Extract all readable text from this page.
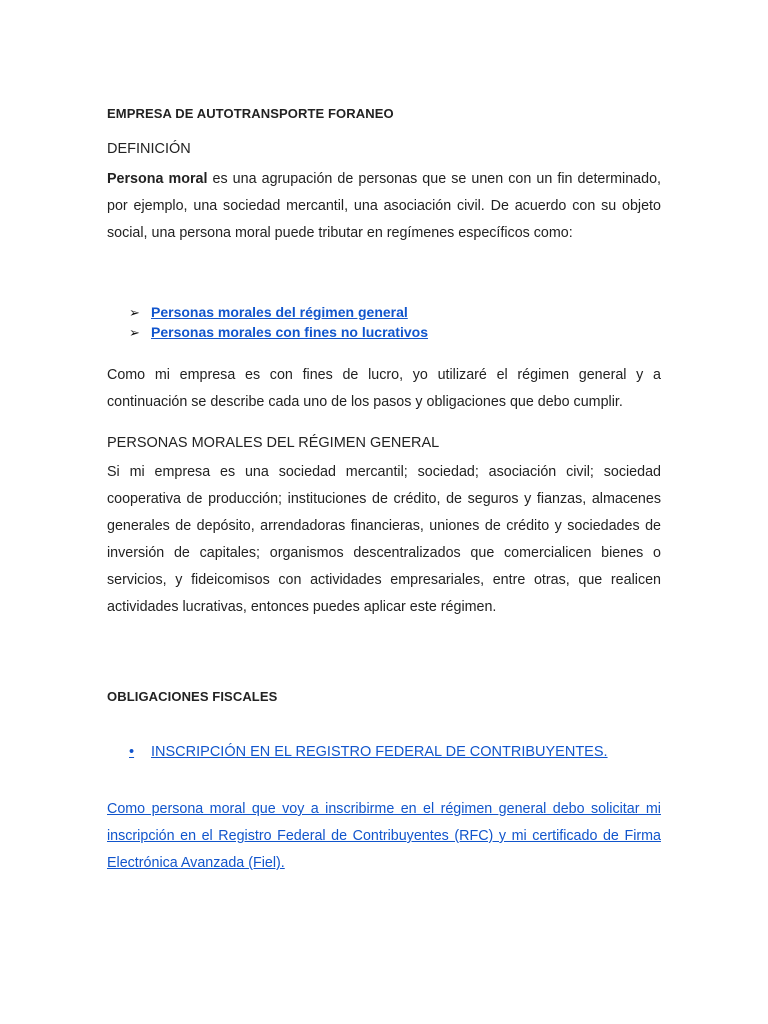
EMPRESA DE AUTOTRANSPORTE FORANEO
DEFINICIÓN
Persona moral es una agrupación de personas que se unen con un fin determinado, por ejemplo, una sociedad mercantil, una asociación civil. De acuerdo con su objeto social, una persona moral puede tributar en regímenes específicos como:
➢ Personas morales del régimen general
➢ Personas morales con fines no lucrativos
Como mi empresa es con fines de lucro, yo utilizaré el régimen general y a continuación se describe cada uno de los pasos y obligaciones que debo cumplir.
PERSONAS MORALES DEL RÉGIMEN GENERAL
Si mi empresa es una sociedad mercantil; sociedad; asociación civil; sociedad cooperativa de producción; instituciones de crédito, de seguros y fianzas, almacenes generales de depósito, arrendadoras financieras, uniones de crédito y sociedades de inversión de capitales; organismos descentralizados que comercialicen bienes o servicios, y fideicomisos con actividades empresariales, entre otras, que realicen actividades lucrativas, entonces puedes aplicar este régimen.
OBLIGACIONES FISCALES
• INSCRIPCIÓN EN EL REGISTRO FEDERAL DE CONTRIBUYENTES.
Como persona moral que voy a inscribirme en el régimen general debo solicitar mi inscripción en el Registro Federal de Contribuyentes (RFC) y mi certificado de Firma Electrónica Avanzada (Fiel).
